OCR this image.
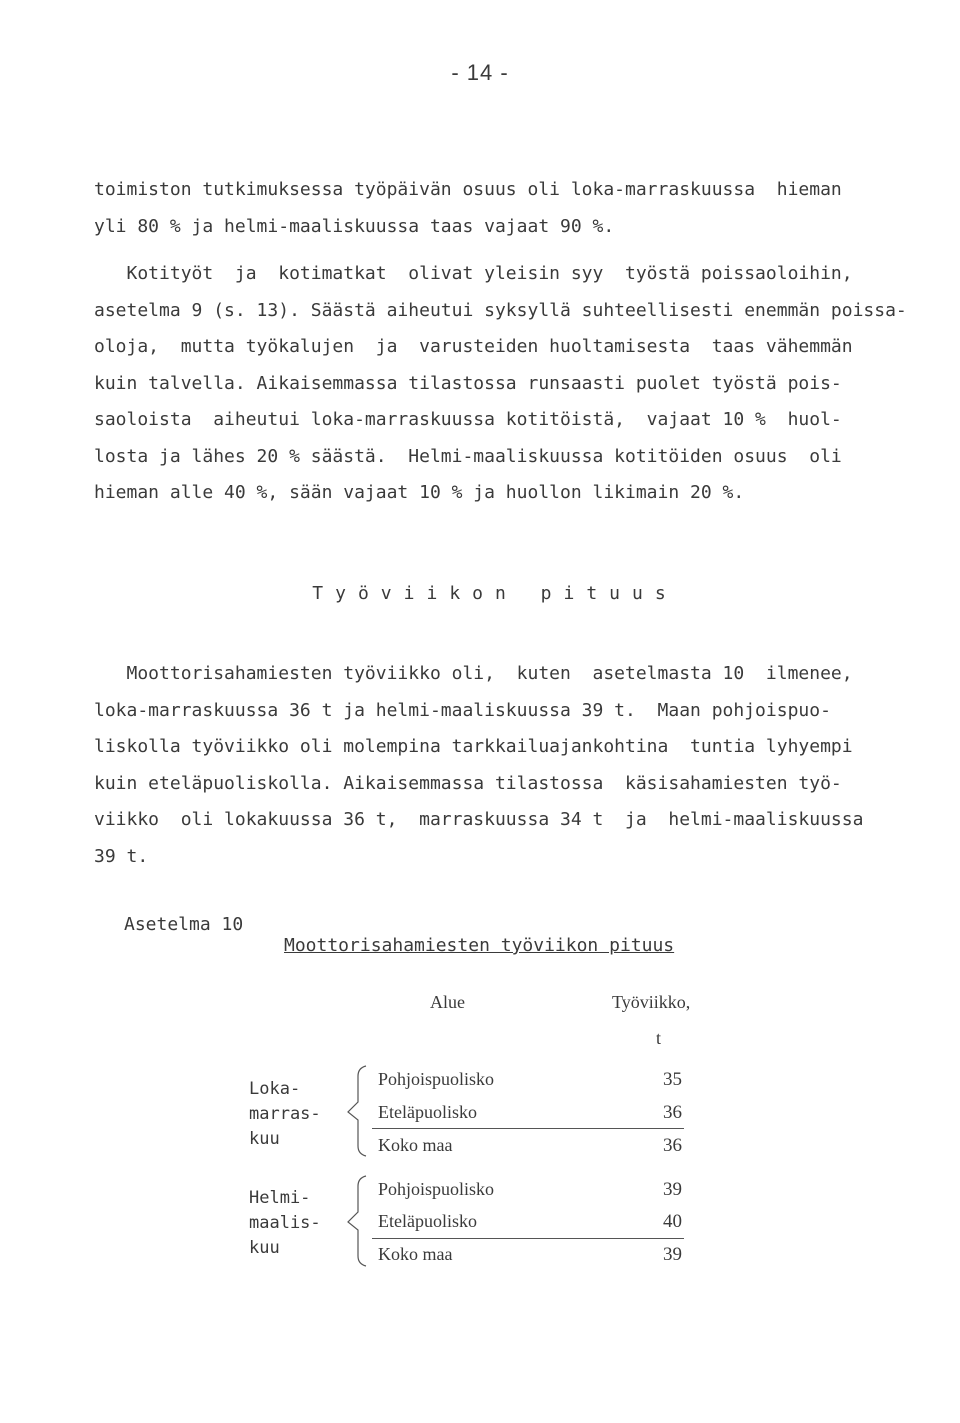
- 14 -
toimiston tutkimuksessa työpäivän osuus oli loka-marraskuussa  hieman
yli 80 % ja helmi-maaliskuussa taas vajaat 90 %.
Kotityöt  ja  kotimatkat  olivat yleisin syy  työstä poissaoloihin,
asetelma 9 (s. 13). Säästä aiheutui syksyllä suhteellisesti enemmän poissa-
oloja,  mutta työkalujen  ja  varusteiden huoltamisesta  taas vähemmän
kuin talvella. Aikaisemmassa tilastossa runsaasti puolet työstä pois-
saoloista  aiheutui loka-marraskuussa kotitöistä,  vajaat 10 %  huol-
losta ja lähes 20 % säästä.  Helmi-maaliskuussa kotitöiden osuus  oli
hieman alle 40 %, sään vajaat 10 % ja huollon likimain 20 %.
Työviikon pituus
Moottorisahamiesten työviikko oli,  kuten  asetelmasta 10  ilmenee,
loka-marraskuussa 36 t ja helmi-maaliskuussa 39 t.  Maan pohjoispuo-
liskolla työviikko oli molempina tarkkailuajankohtina  tuntia lyhyempi
kuin eteläpuoliskolla. Aikaisemmassa tilastossa  käsisahamiesten työ-
viikko  oli lokakuussa 36 t,  marraskuussa 34 t  ja  helmi-maaliskuussa
39 t.
Asetelma 10
Moottorisahamiesten työviikon pituus
Alue	Työviikko,
t
Loka-
marras-
kuu
Pohjoispuolisko	35
Eteläpuolisko	36
Koko maa	36
Helmi-
maalis-
kuu
Pohjoispuolisko	39
Eteläpuolisko	40
Koko maa	39
